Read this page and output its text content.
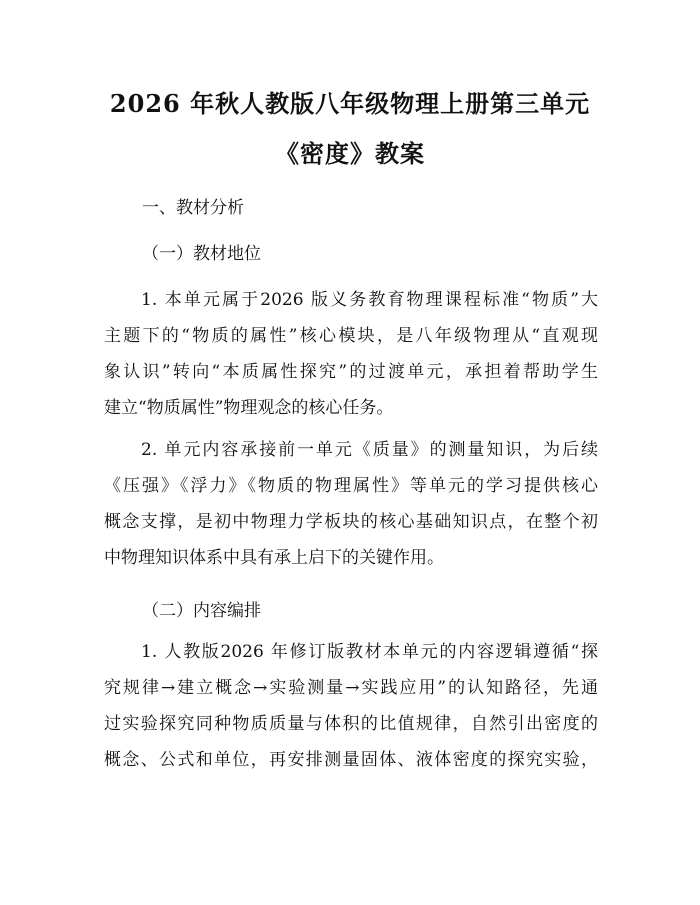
2026 年秋人教版八年级物理上册第三单元
《密度》教案
一、教材分析
（一）教材地位
1. 本单元属于2026 版义务教育物理课程标准“物质”大
主题下的“物质的属性”核心模块，是八年级物理从“直观现
象认识”转向“本质属性探究”的过渡单元，承担着帮助学生
建立“物质属性”物理观念的核心任务。
2. 单元内容承接前一单元《质量》的测量知识，为后续
《压强》《浮力》《物质的物理属性》等单元的学习提供核心
概念支撑，是初中物理力学板块的核心基础知识点，在整个初
中物理知识体系中具有承上启下的关键作用。
（二）内容编排
1. 人教版2026 年修订版教材本单元的内容逻辑遵循“探
究规律→建立概念→实验测量→实践应用”的认知路径，先通
过实验探究同种物质质量与体积的比值规律，自然引出密度的
概念、公式和单位，再安排测量固体、液体密度的探究实验，
